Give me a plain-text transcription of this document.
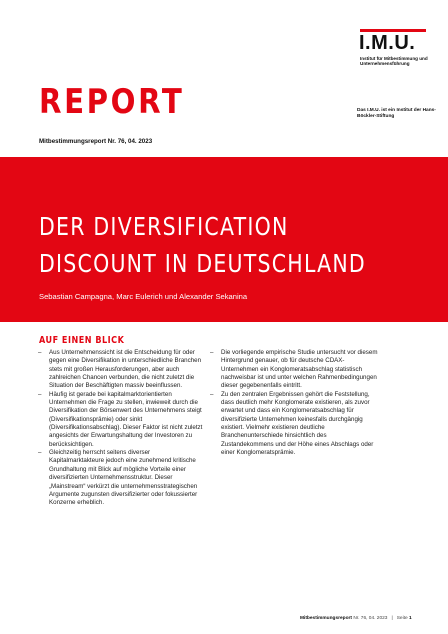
I.M.U.
Institut für Mitbestimmung und Unternehmensführung
REPORT
Mitbestimmungsreport Nr. 76, 04. 2023
Das I.M.U. ist ein Institut der Hans-Böckler-Stiftung
DER DIVERSIFICATION
DISCOUNT IN DEUTSCHLAND
Sebastian Campagna, Marc Eulerich und Alexander Sekanina
AUF EINEN BLICK
– Aus Unternehmenssicht ist die Entscheidung für oder gegen eine Diversifikation in unterschiedliche Branchen stets mit großen Herausforderungen, aber auch zahlreichen Chancen verbunden, die nicht zuletzt die Situation der Beschäftigten massiv beeinflussen.
– Häufig ist gerade bei kapitalmarktorientierten Unternehmen die Frage zu stellen, inwieweit durch die Diversifikation der Börsenwert des Unternehmens steigt (Diversifikationsprämie) oder sinkt (Diversifikationsabschlag). Dieser Faktor ist nicht zuletzt angesichts der Erwartungshaltung der Investoren zu berücksichtigen.
– Gleichzeitig herrscht seitens diverser Kapitalmarktakteure jedoch eine zunehmend kritische Grundhaltung mit Blick auf mögliche Vorteile einer diversifizierten Unternehmensstruktur. Dieser „Mainstream“ verkürzt die unternehmensstrategischen Argumente zugunsten diversifizierter oder fokussierter Konzerne erheblich.
– Die vorliegende empirische Studie untersucht vor diesem Hintergrund genauer, ob für deutsche CDAX-Unternehmen ein Konglomeratsabschlag statistisch nachweisbar ist und unter welchen Rahmenbedingungen dieser gegebenenfalls eintritt.
– Zu den zentralen Ergebnissen gehört die Feststellung, dass deutlich mehr Konglomerate existieren, als zuvor erwartet und dass ein Konglomeratsabschlag für diversifizierte Unternehmen keinesfalls durchgängig existiert. Vielmehr existieren deutliche Branchenunterschiede hinsichtlich des Zustandekommens und der Höhe eines Abschlags oder einer Konglomeratsprämie.
Mitbestimmungsreport Nr. 76, 04. 2023   |   Seite 1
